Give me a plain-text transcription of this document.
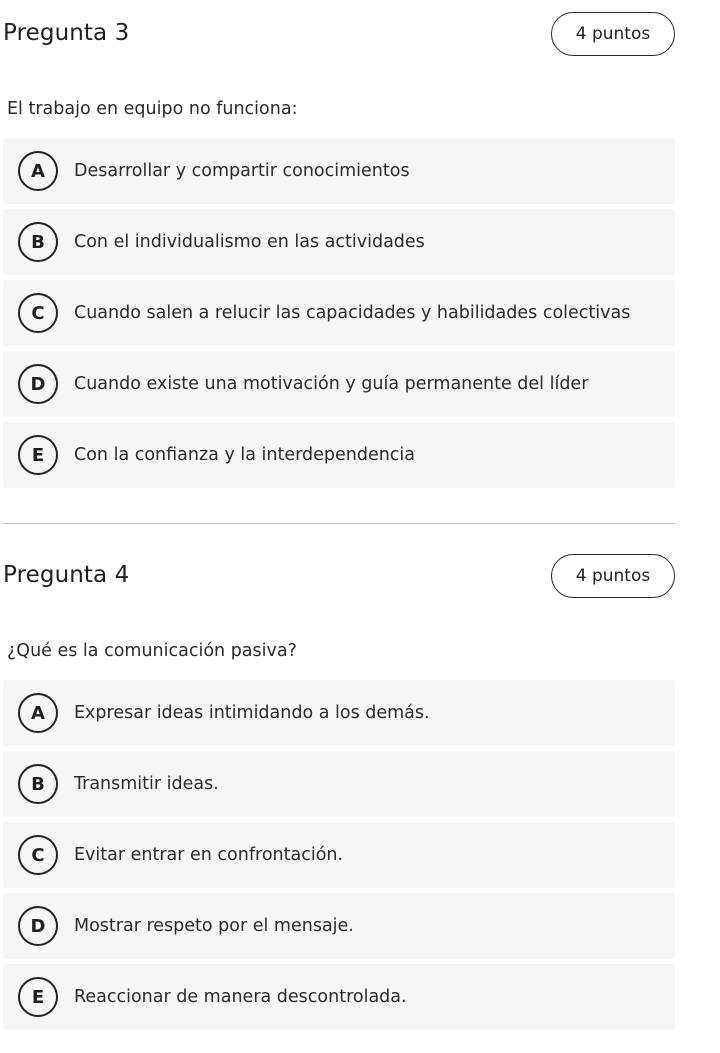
Pregunta 3	4 puntos

El trabajo en equipo no funciona:

A	Desarrollar y compartir conocimientos
B	Con el individualismo en las actividades
C	Cuando salen a relucir las capacidades y habilidades colectivas
D	Cuando existe una motivación y guía permanente del líder
E	Con la confianza y la interdependencia
Pregunta 4	4 puntos

¿Qué es la comunicación pasiva?

A	Expresar ideas intimidando a los demás.
B	Transmitir ideas.
C	Evitar entrar en confrontación.
D	Mostrar respeto por el mensaje.
E	Reaccionar de manera descontrolada.
